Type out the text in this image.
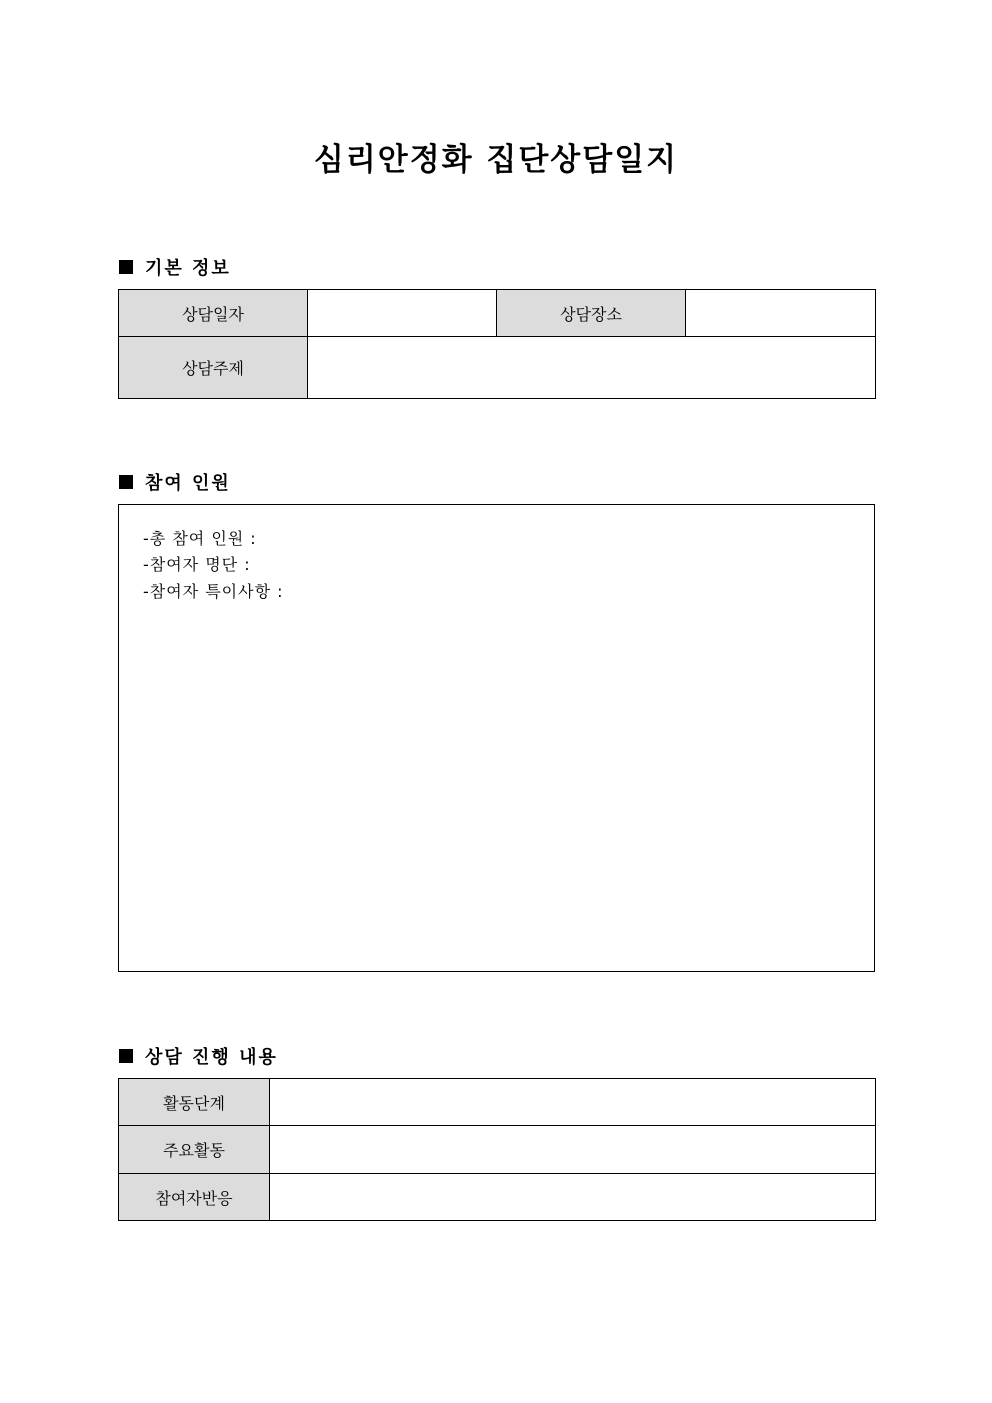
심리안정화 집단상담일지
기본 정보
상담일자		상담장소	
상담주제			
참여 인원
-총 참여 인원 :
-참여자 명단 :
-참여자 특이사항 :
상담 진행 내용
활동단계	
주요활동	
참여자반응	
